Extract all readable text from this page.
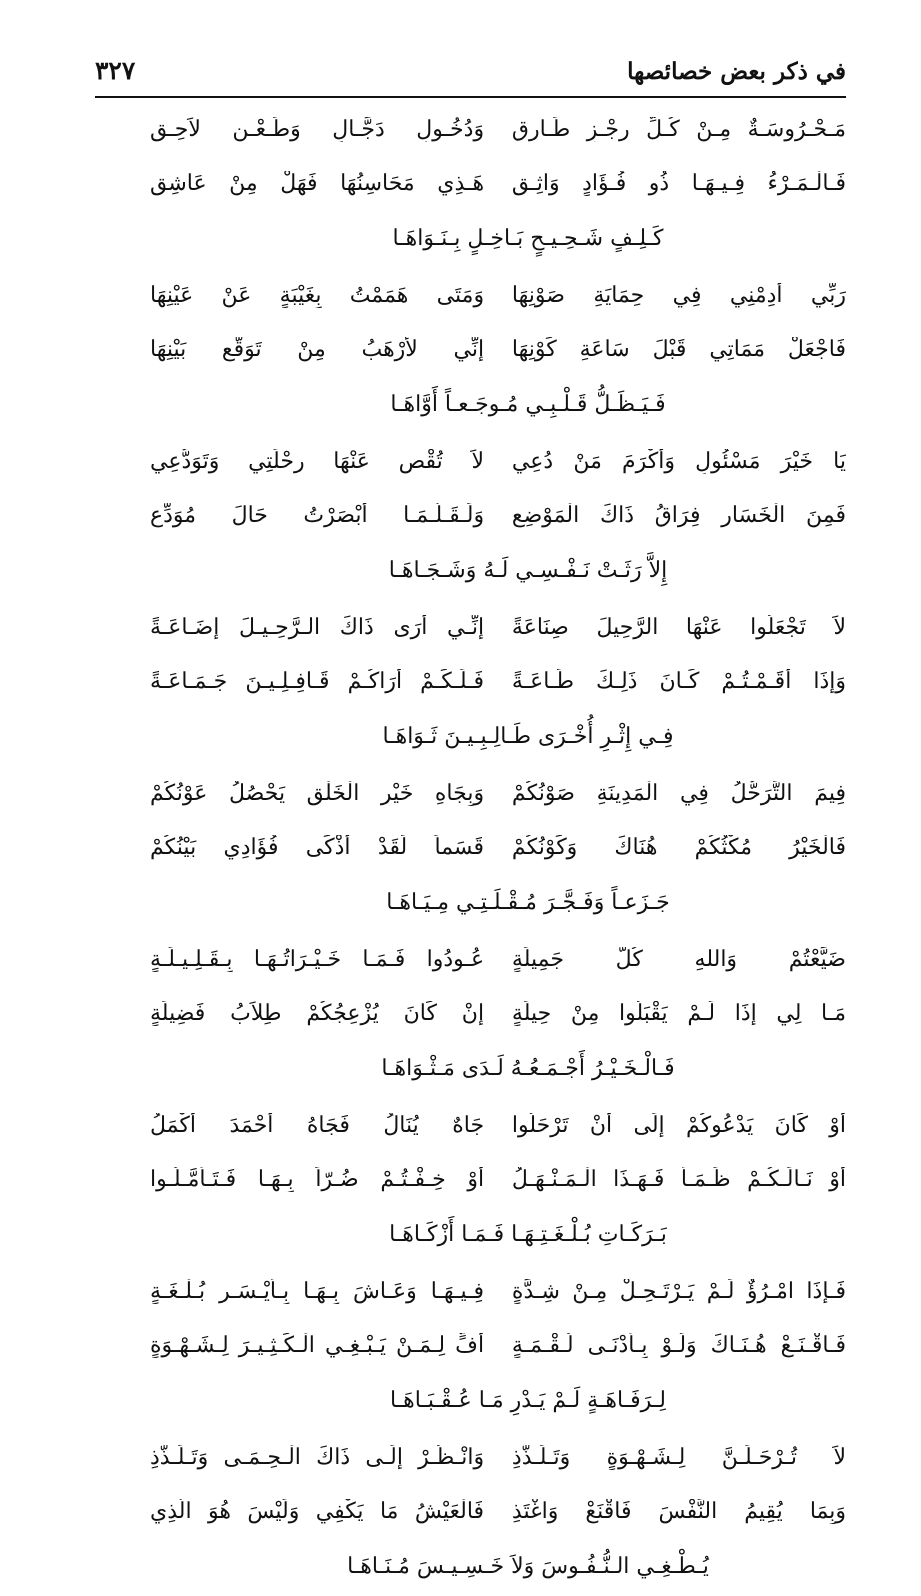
في ذكر بعض خصائصها
٣٢٧
مَـحْـرُوسَـةٌ مِـنْ كُـلِّ رِجْـزٍ طَـارِقٍ
وَدُخُـولِ دَجَّـالٍ وَطَـعْـنٍ لاَحِـقِ
فَـالْـمَـرْءُ فِـيـهَـا ذُو فُـؤَادٍ وَاثِـقٍ
هَـذِي مَحَاسِنُهَا فَهَلْ مِنْ عَاشِقٍ
كَـلِـفٍ شَـحِـيـحٍ بَـاخِـلٍ بِـنَـوَاهَـا
رَبِّي أَدِمْنِي فِي حِمَايَةِ صَوْنِهَا
وَمَتَى هَمَمْتُ بِغَيْبَةٍ عَنْ عَيْنِهَا
فَاجْعَلْ مَمَاتِي قَبْلَ سَاعَةِ كَوْنِهَا
إِنِّي لأَرْهَبُ مِنْ تَوَقُّعِ بَيْنِهَا
فَـيَـظَـلُّ قَـلْـبِـي مُـوجَـعـاً أَوَّاهَـا
يَا خَيْرَ مَسْئُولٍ وَأَكْرَمَ مَنْ دُعِي
لاَ تُقْصِ عَنْهَا رِحْلَتِي وَتَوَدُّعِي
فَمِنَ الْخَسَارِ فِرَاقُ ذَاكَ الْمَوْضِعِ
وَلَـقَـلَّـمَـا أَبْصَرْتُ حَالَ مُوَدِّعِ
إِلاَّ رَثَـتْ نَـفْـسِـي لَـهُ وَشَـجَـاهَـا
لاَ تَجْعَلُوا عَنْهَا الرَّحِيلَ صِنَاعَةً
إِنِّـي أَرَى ذَاكَ الـرَّحِـيـلَ إِضَـاعَـةً
وَإِذَا أَقَـمْـتُـمْ كَـانَ ذَلِـكَ طَـاعَـةً
فَـلَـكَـمْ أَرَاكُـمْ قَـافِـلِـيـنَ جَـمَـاعَـةً
فِـي إِثْـرِ أُخْـرَى طَـالِـبِـيـنَ ثَـوَاهَـا
فِيمَ التَّرَحُّلُ فِي الْمَدِينَةِ صَوْنُكُمْ
وَبِجَاهِ خَيْرِ الْخَلْقِ يَحْصُلُ عَوْنُكُمْ
فَالْخَيْرُ مُكْثُكُمْ هُنَاكَ وَكَوْنُكُمْ
قَسَماً لَقَدْ أَذْكَى فُؤَادِي بَيْنُكُمْ
جَـزَعـاً وَفَـجَّـرَ مُـقْـلَـتِـي مِـيَـاهَـا
ضَيَّعْتُمْ وَاللهِ كُلَّ جَمِيلَةٍ
عُـودُوا فَـمَـا خَـيْـرَاتُـهَـا بِـقَـلِـيـلَـةٍ
مَـا لِي إِذَا لَـمْ يَقْبَلُوا مِنْ حِيلَةٍ
إِنْ كَانَ يُزْعِجُكُمْ طِلاَبُ فَضِيلَةٍ
فَـالْـخَـيْـرُ أَجْـمَـعُـهُ لَـدَى مَـثْـوَاهَـا
أَوْ كَانَ يَدْعُوكُمْ إِلَى أَنْ تَرْحَلُوا
جَاهٌ يُنَالُ فَجَاهُ أَحْمَدَ أَكْمَلُ
أَوْ نَـالَـكُـمْ ظَـمَـأٌ فَـهَـذَا الْـمَـنْـهَـلُ
أَوْ خِـفْـتُـمْ ضُـرّاً بِـهَـا فَـتَـأَمَّـلُـوا
بَـرَكَـاتِ بُـلْـغَـتِـهَـا فَـمَـا أَزْكَـاهَـا
فَـإِذَا امْـرُؤٌ لَـمْ يَـرْتَـحِـلْ مِـنْ شِـدَّةٍ
فِـيـهَـا وَعَـاشَ بِـهَـا بِـأَيْـسَـرِ بُـلْـغَـةٍ
فَـاقْـنَـعْ هُـنَـاكَ وَلَـوْ بِـأَدْنَـى لُـقْـمَـةٍ
أُفٍّ لِـمَـنْ يَـبْـغِـي الْـكَـثِـيـرَ لِـشَـهْـوَةٍ
لِـرَفَـاهَـةٍ لَـمْ يَـدْرِ مَـا عُـقْـبَـاهَـا
لاَ تُـرْحَـلَـنَّ لِـشَـهْـوَةٍ وَتَـلَـذُّذِ
وَانْـظُـرْ إِلَـى ذَاكَ الْـحِـمَـى وَتَـلَـذَّذِ
وَبِمَا يُقِيمُ النَّفْسَ فَاقْنَعْ وَاغْتَذِ
فَالْعَيْشُ مَا يَكْفِي وَلَيْسَ هُوَ الَّذِي
يُـطْـغِـي الـنُّـفُـوسَ وَلاَ خَـسِـيـسَ مُـنَـاهَـا
